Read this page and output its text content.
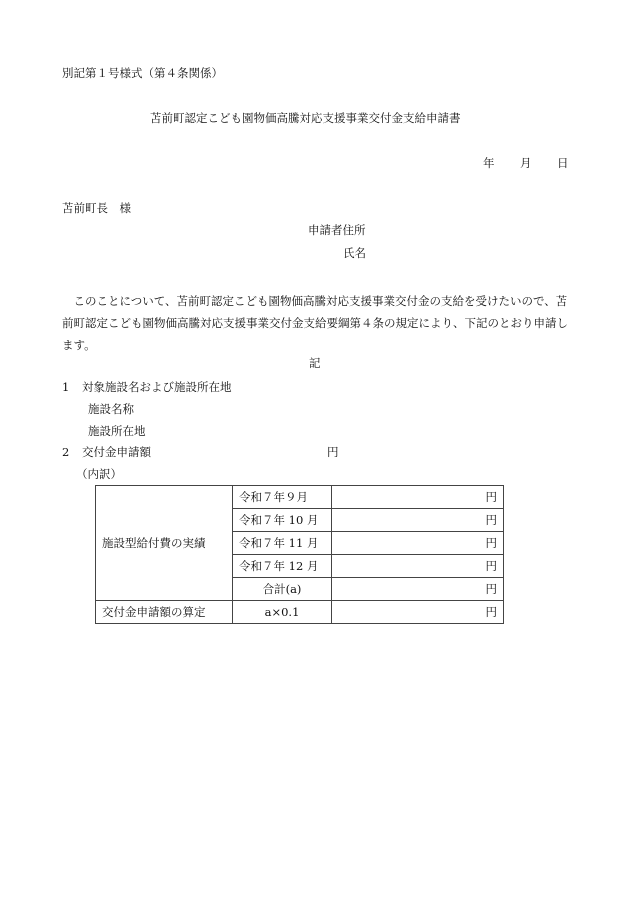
別記第１号様式（第４条関係）
苫前町認定こども園物価高騰対応支援事業交付金支給申請書
年 月 日
苫前町長　様
申請者住所
氏名
　このことについて、苫前町認定こども園物価高騰対応支援事業交付金の支給を受けたいので、苫前町認定こども園物価高騰対応支援事業交付金支給要綱第４条の規定により、下記のとおり申請します。
記
1 対象施設名および施設所在地
施設名称
施設所在地
2 交付金申請額	円
（内訳）
施設型給付費の実績	令和７年９月	円
	令和７年 10 月	円
	令和７年 11 月	円
	令和７年 12 月	円
	合計(a)	円
交付金申請額の算定	a×0.1	円
